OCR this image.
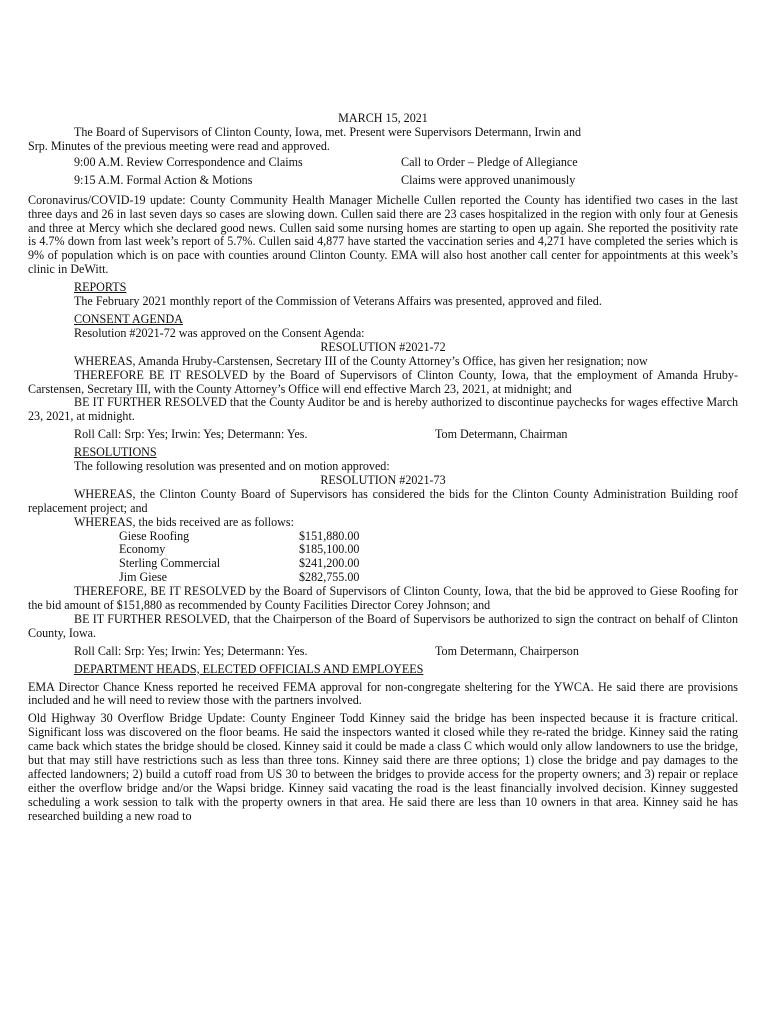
MARCH 15, 2021

The Board of Supervisors of Clinton County, Iowa, met. Present were Supervisors Determann, Irwin and

Srp. Minutes of the previous meeting were read and approved.

9:00 A.M. Review Correspondence and Claims	Call to Order – Pledge of Allegiance
9:15 A.M. Formal Action & Motions	Claims were approved unanimously

Coronavirus/COVID-19 update: County Community Health Manager Michelle Cullen reported the County has identified two cases in the last three days and 26 in last seven days so cases are slowing down. Cullen said there are 23 cases hospitalized in the region with only four at Genesis and three at Mercy which she declared good news. Cullen said some nursing homes are starting to open up again. She reported the positivity rate is 4.7% down from last week’s report of 5.7%. Cullen said 4,877 have started the vaccination series and 4,271 have completed the series which is 9% of population which is on pace with counties around Clinton County. EMA will also host another call center for appointments at this week’s clinic in DeWitt.

REPORTS

The February 2021 monthly report of the Commission of Veterans Affairs was presented, approved and filed.

CONSENT AGENDA

Resolution #2021-72 was approved on the Consent Agenda:

RESOLUTION #2021-72

WHEREAS, Amanda Hruby-Carstensen, Secretary III of the County Attorney’s Office, has given her resignation; now

THEREFORE BE IT RESOLVED by the Board of Supervisors of Clinton County, Iowa, that the employment of Amanda Hruby-Carstensen, Secretary III, with the County Attorney’s Office will end effective March 23, 2021, at midnight; and

BE IT FURTHER RESOLVED that the County Auditor be and is hereby authorized to discontinue paychecks for wages effective March 23, 2021, at midnight.

Roll Call: Srp: Yes; Irwin: Yes; Determann: Yes.	Tom Determann, Chairman

RESOLUTIONS

The following resolution was presented and on motion approved:

RESOLUTION #2021-73

WHEREAS, the Clinton County Board of Supervisors has considered the bids for the Clinton County Administration Building roof replacement project; and

WHEREAS, the bids received are as follows:

Giese Roofing	$151,880.00
Economy	$185,100.00
Sterling Commercial	$241,200.00
Jim Giese	$282,755.00

THEREFORE, BE IT RESOLVED by the Board of Supervisors of Clinton County, Iowa, that the bid be approved to Giese Roofing for the bid amount of $151,880 as recommended by County Facilities Director Corey Johnson; and

BE IT FURTHER RESOLVED, that the Chairperson of the Board of Supervisors be authorized to sign the contract on behalf of Clinton County, Iowa.

Roll Call: Srp: Yes; Irwin: Yes; Determann: Yes.	Tom Determann, Chairperson

DEPARTMENT HEADS, ELECTED OFFICIALS AND EMPLOYEES

EMA Director Chance Kness reported he received FEMA approval for non-congregate sheltering for the YWCA. He said there are provisions included and he will need to review those with the partners involved.

Old Highway 30 Overflow Bridge Update: County Engineer Todd Kinney said the bridge has been inspected because it is fracture critical. Significant loss was discovered on the floor beams. He said the inspectors wanted it closed while they re-rated the bridge. Kinney said the rating came back which states the bridge should be closed. Kinney said it could be made a class C which would only allow landowners to use the bridge, but that may still have restrictions such as less than three tons. Kinney said there are three options; 1) close the bridge and pay damages to the affected landowners; 2) build a cutoff road from US 30 to between the bridges to provide access for the property owners; and 3) repair or replace either the overflow bridge and/or the Wapsi bridge. Kinney said vacating the road is the least financially involved decision. Kinney suggested scheduling a work session to talk with the property owners in that area. He said there are less than 10 owners in that area. Kinney said he has researched building a new road to
